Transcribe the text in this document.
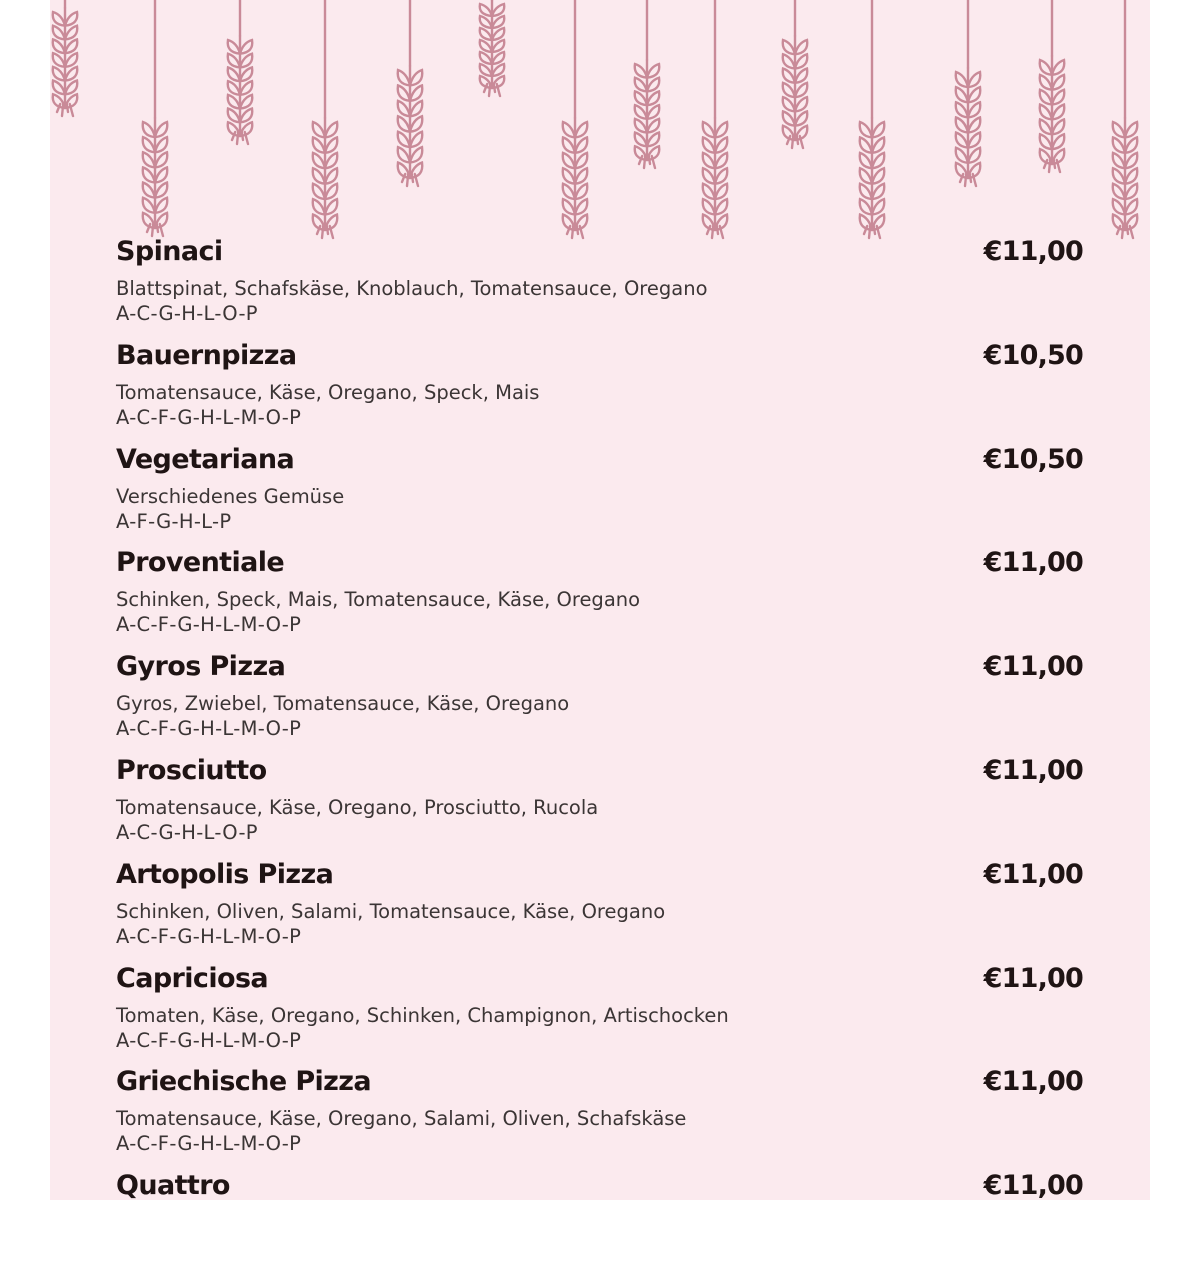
Spinaci	€11,00
Blattspinat, Schafskäse, Knoblauch, Tomatensauce, Oregano
A-C-G-H-L-O-P
Bauernpizza	€10,50
Tomatensauce, Käse, Oregano, Speck, Mais
A-C-F-G-H-L-M-O-P
Vegetariana	€10,50
Verschiedenes Gemüse
A-F-G-H-L-P
Proventiale	€11,00
Schinken, Speck, Mais, Tomatensauce, Käse, Oregano
A-C-F-G-H-L-M-O-P
Gyros Pizza	€11,00
Gyros, Zwiebel, Tomatensauce, Käse, Oregano
A-C-F-G-H-L-M-O-P
Prosciutto	€11,00
Tomatensauce, Käse, Oregano, Prosciutto, Rucola
A-C-G-H-L-O-P
Artopolis Pizza	€11,00
Schinken, Oliven, Salami, Tomatensauce, Käse, Oregano
A-C-F-G-H-L-M-O-P
Capriciosa	€11,00
Tomaten, Käse, Oregano, Schinken, Champignon, Artischocken
A-C-F-G-H-L-M-O-P
Griechische Pizza	€11,00
Tomatensauce, Käse, Oregano, Salami, Oliven, Schafskäse
A-C-F-G-H-L-M-O-P
Quattro	€11,00
